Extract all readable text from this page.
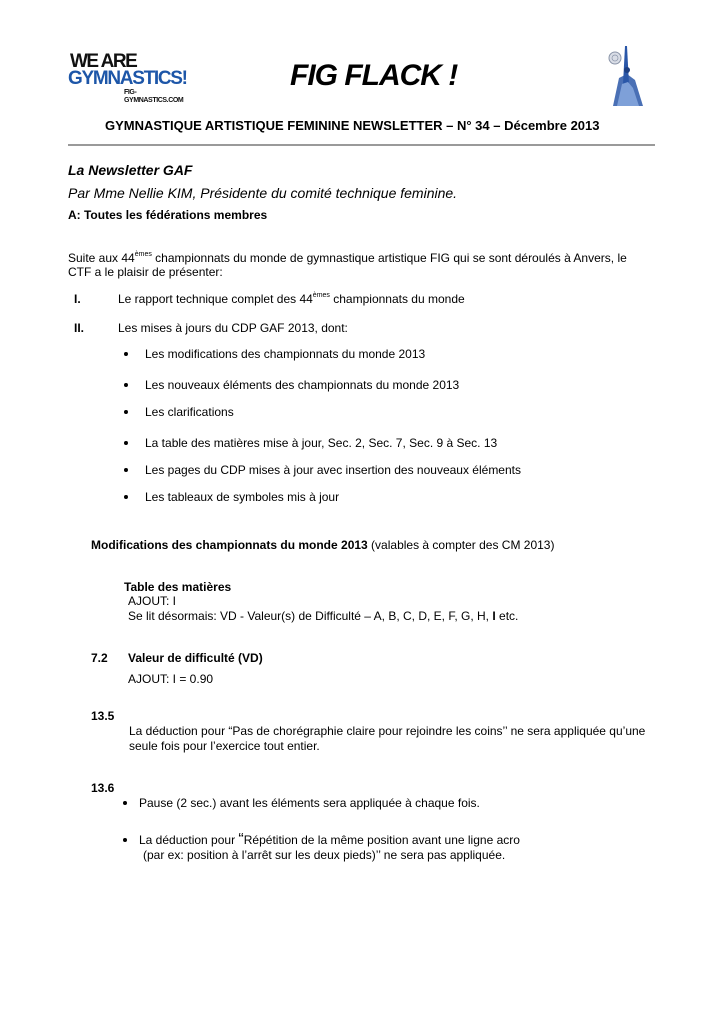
WE ARE
GYMNASTICS!
FIG-GYMNASTICS.COM
FIG FLACK !
GYMNASTIQUE ARTISTIQUE FEMININE NEWSLETTER – N° 34 – Décembre 2013
La Newsletter GAF
Par Mme Nellie KIM, Présidente du comité technique feminine.
A: Toutes les fédérations membres
Suite aux 44èmes championnats du monde de gymnastique artistique FIG qui se sont déroulés à Anvers, le
CTF a le plaisir de présenter:
I.	Le rapport technique complet des 44èmes championnats du monde
II.	Les mises à jours du CDP GAF 2013, dont:
Les modifications des championnats du monde 2013
Les nouveaux éléments des championnats du monde 2013
Les clarifications
La table des matières mise à jour, Sec. 2, Sec. 7, Sec. 9 à Sec. 13
Les pages du CDP mises à jour avec insertion des nouveaux éléments
Les tableaux de symboles mis à jour
Modifications des championnats du monde 2013 (valables à compter des CM 2013)
Table des matières
AJOUT: I
Se lit désormais: VD - Valeur(s) de Difficulté – A, B, C, D, E, F, G, H, I etc.
7.2 Valeur de difficulté (VD)
AJOUT: I = 0.90
13.5
La déduction pour “Pas de chorégraphie claire pour rejoindre les coins’’ ne sera appliquée qu’une
seule fois pour l’exercice tout entier.
13.6
Pause (2 sec.) avant les éléments sera appliquée à chaque fois.
La déduction pour “Répétition de la même position avant une ligne acro
(par ex: position à l’arrêt sur les deux pieds)’’ ne sera pas appliquée.
